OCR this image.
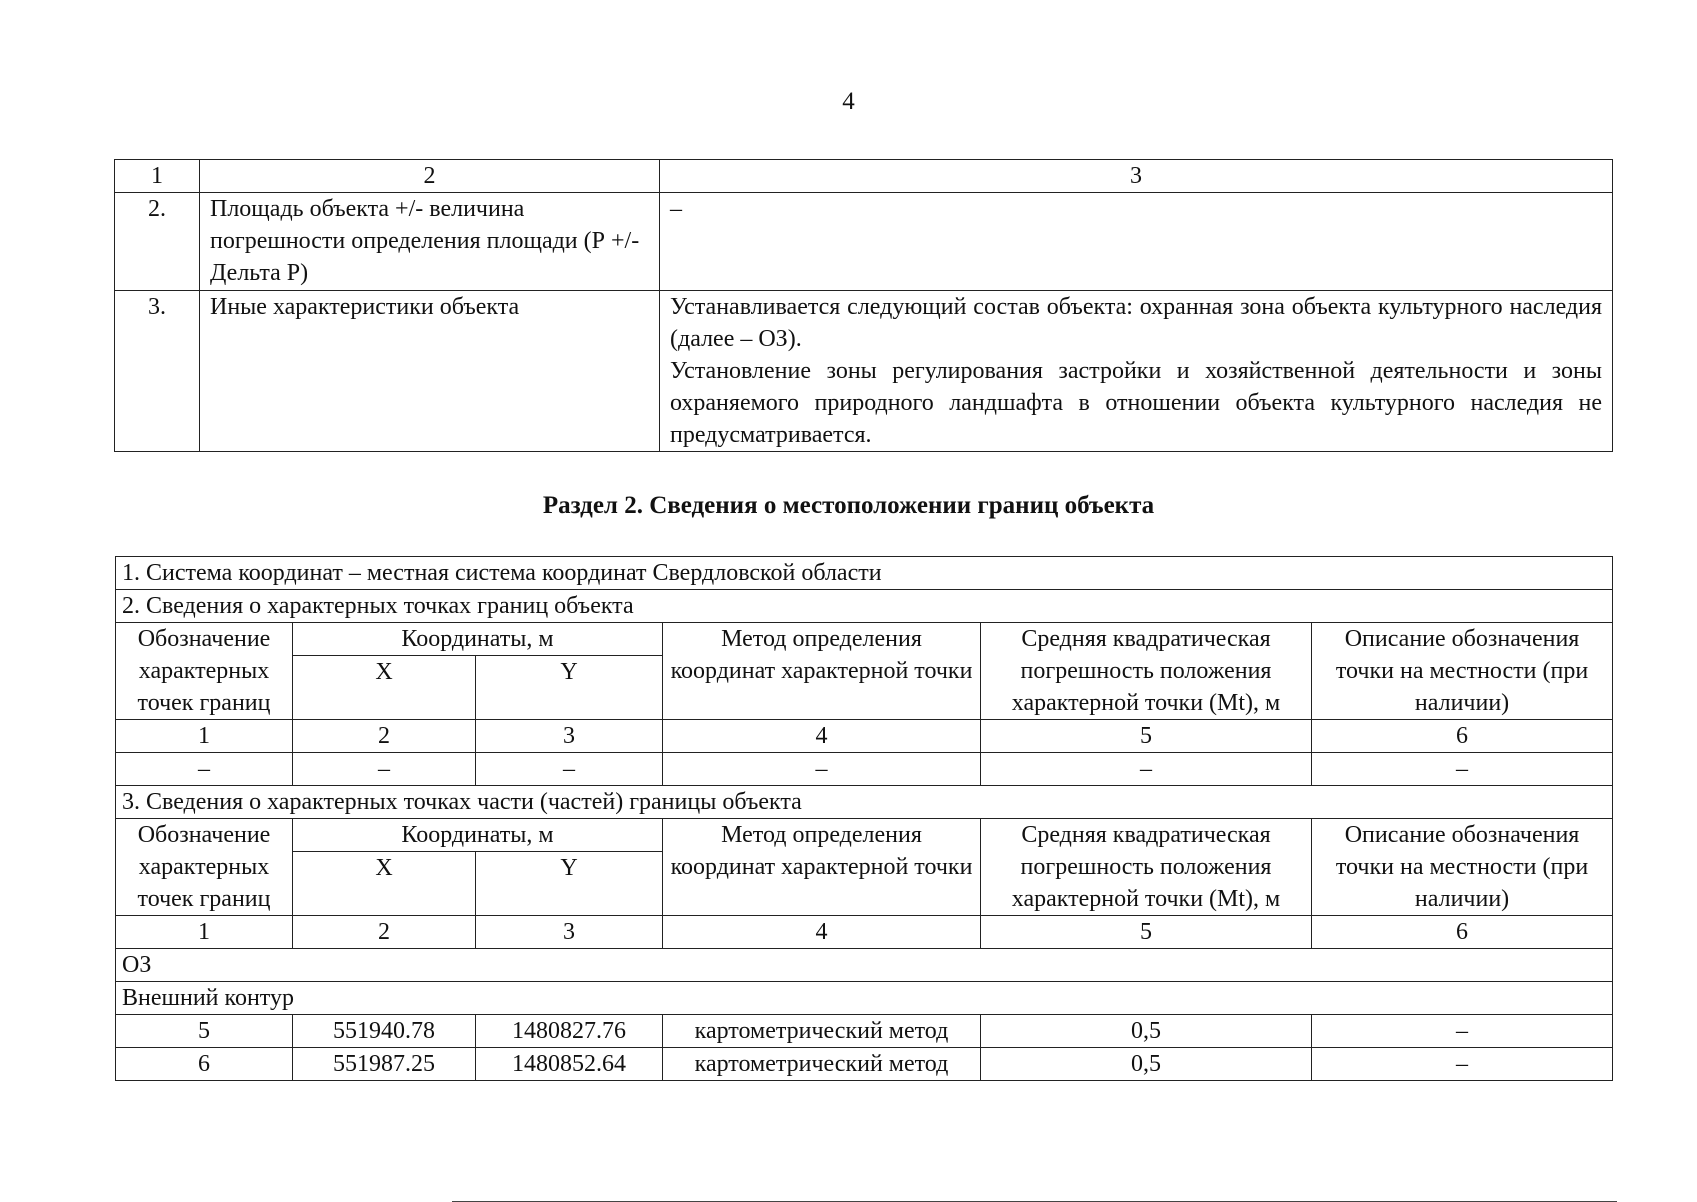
4
1	2	3
2.	Площадь объекта +/- величина погрешности определения площади (Р +/- Дельта Р)	–
3.	Иные характеристики объекта	Устанавливается следующий состав объекта: охранная зона объекта культурного наследия (далее – ОЗ).

Установление зоны регулирования застройки и хозяйственной деятельности и зоны охраняемого природного ландшафта в отношении объекта культурного наследия не предусматривается.

Раздел 2. Сведения о местоположении границ объекта
1. Система координат – местная система координат Свердловской области					
2. Сведения о характерных точках границ объекта					
Обозначение характерных точек границ	Координаты, м		Метод определения координат характерной точки	Средняя квадратическая погрешность положения характерной точки (Mt), м	Описание обозначения точки на местности (при наличии)
	X	Y			
1	2	3	4	5	6
–	–	–	–	–	–
3. Сведения о характерных точках части (частей) границы объекта					
Обозначение характерных точек границ	Координаты, м		Метод определения координат характерной точки	Средняя квадратическая погрешность положения характерной точки (Mt), м	Описание обозначения точки на местности (при наличии)
	X	Y			
1	2	3	4	5	6
ОЗ					
Внешний контур					
5	551940.78	1480827.76	картометрический метод	0,5	–
6	551987.25	1480852.64	картометрический метод	0,5	–
